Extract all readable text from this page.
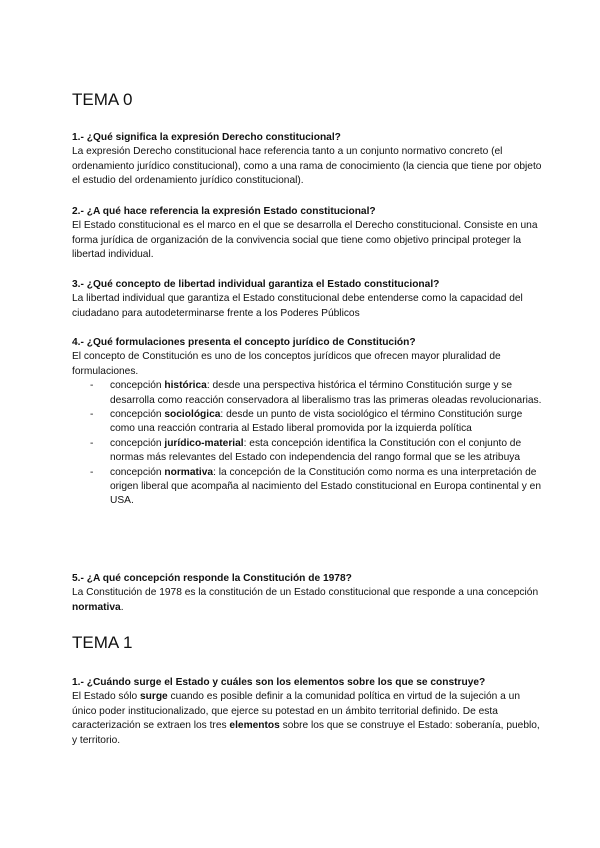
TEMA 0

1.- ¿Qué significa la expresión Derecho constitucional?

La expresión Derecho constitucional hace referencia tanto a un conjunto normativo concreto (el ordenamiento jurídico constitucional), como a una rama de conocimiento (la ciencia que tiene por objeto el estudio del ordenamiento jurídico constitucional).

2.- ¿A qué hace referencia la expresión Estado constitucional?

El Estado constitucional es el marco en el que se desarrolla el Derecho constitucional. Consiste en una forma jurídica de organización de la convivencia social que tiene como objetivo principal proteger la libertad individual.

3.- ¿Qué concepto de libertad individual garantiza el Estado constitucional?

La libertad individual que garantiza el Estado constitucional debe entenderse como la capacidad del ciudadano para autodeterminarse frente a los Poderes Públicos

4.- ¿Qué formulaciones presenta el concepto jurídico de Constitución?

El concepto de Constitución es uno de los conceptos jurídicos que ofrecen mayor pluralidad de formulaciones.

- concepción histórica: desde una perspectiva histórica el término Constitución surge y se desarrolla como reacción conservadora al liberalismo tras las primeras oleadas revolucionarias.
- concepción sociológica: desde un punto de vista sociológico el término Constitución surge como una reacción contraria al Estado liberal promovida por la izquierda política
- concepción jurídico-material: esta concepción identifica la Constitución con el conjunto de normas más relevantes del Estado con independencia del rango formal que se les atribuya
- concepción normativa: la concepción de la Constitución como norma es una interpretación de origen liberal que acompaña al nacimiento del Estado constitucional en Europa continental y en USA.

5.- ¿A qué concepción responde la Constitución de 1978?

La Constitución de 1978 es la constitución de un Estado constitucional que responde a una concepción normativa.

TEMA 1

1.- ¿Cuándo surge el Estado y cuáles son los elementos sobre los que se construye?

El Estado sólo surge cuando es posible definir a la comunidad política en virtud de la sujeción a un único poder institucionalizado, que ejerce su potestad en un ámbito territorial definido. De esta caracterización se extraen los tres elementos sobre los que se construye el Estado: soberanía, pueblo, y territorio.
